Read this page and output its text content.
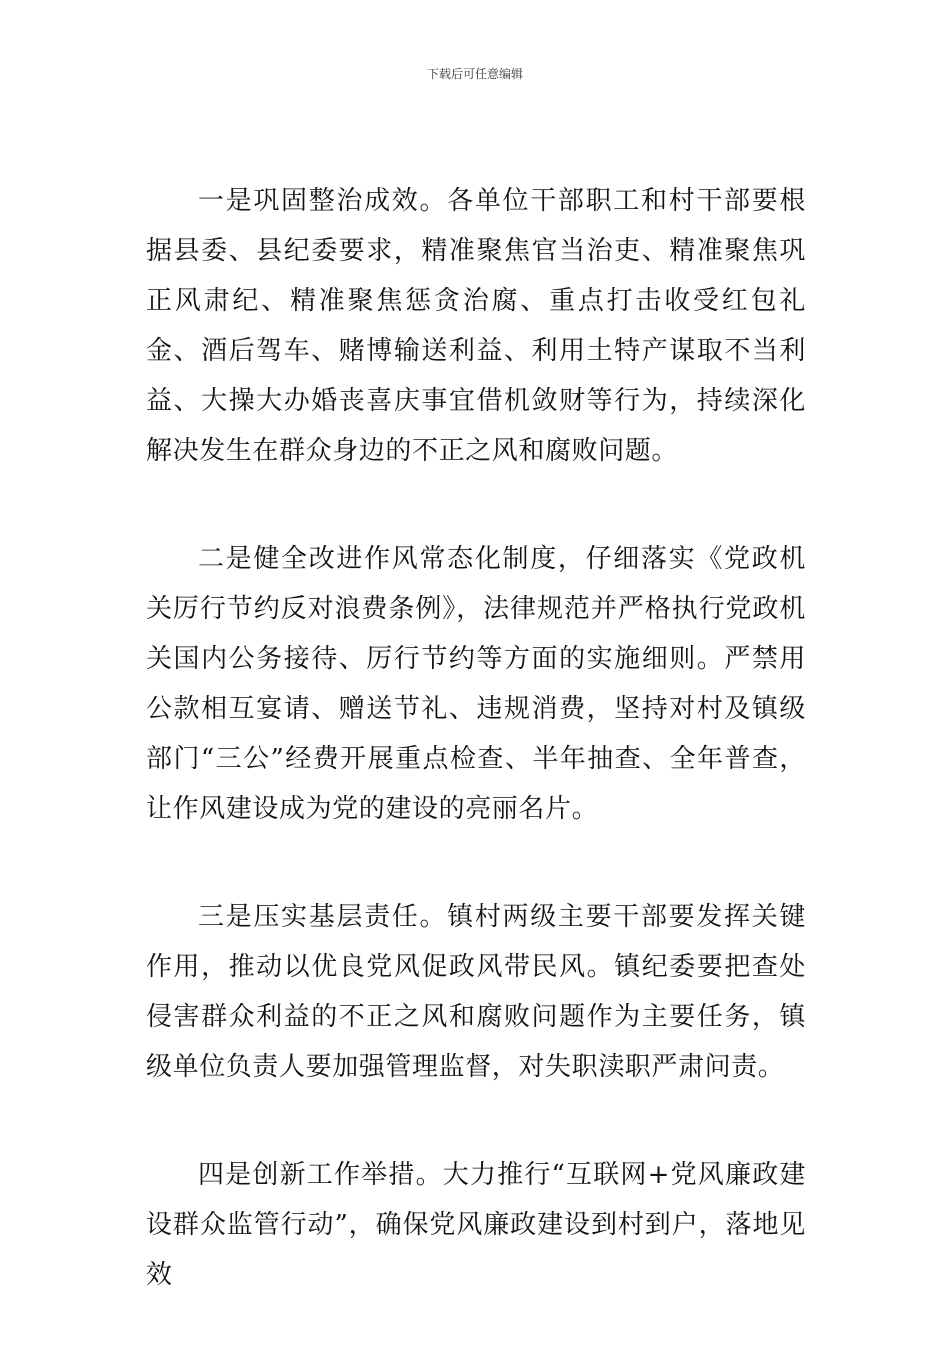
下载后可任意编辑

一是巩固整治成效。各单位干部职工和村干部要根据县委、县纪委要求，精准聚焦官当治吏、精准聚焦巩正风肃纪、精准聚焦惩贪治腐、重点打击收受红包礼金、酒后驾车、赌博输送利益、利用土特产谋取不当利益、大操大办婚丧喜庆事宜借机敛财等行为，持续深化解决发生在群众身边的不正之风和腐败问题。

二是健全改进作风常态化制度，仔细落实《党政机关厉行节约反对浪费条例》，法律规范并严格执行党政机关国内公务接待、厉行节约等方面的实施细则。严禁用公款相互宴请、赠送节礼、违规消费，坚持对村及镇级部门“三公”经费开展重点检查、半年抽查、全年普查，让作风建设成为党的建设的亮丽名片。

三是压实基层责任。镇村两级主要干部要发挥关键作用，推动以优良党风促政风带民风。镇纪委要把查处侵害群众利益的不正之风和腐败问题作为主要任务，镇级单位负责人要加强管理监督，对失职渎职严肃问责。

四是创新工作举措。大力推行“互联网+党风廉政建设群众监管行动”，确保党风廉政建设到村到户，落地见效
